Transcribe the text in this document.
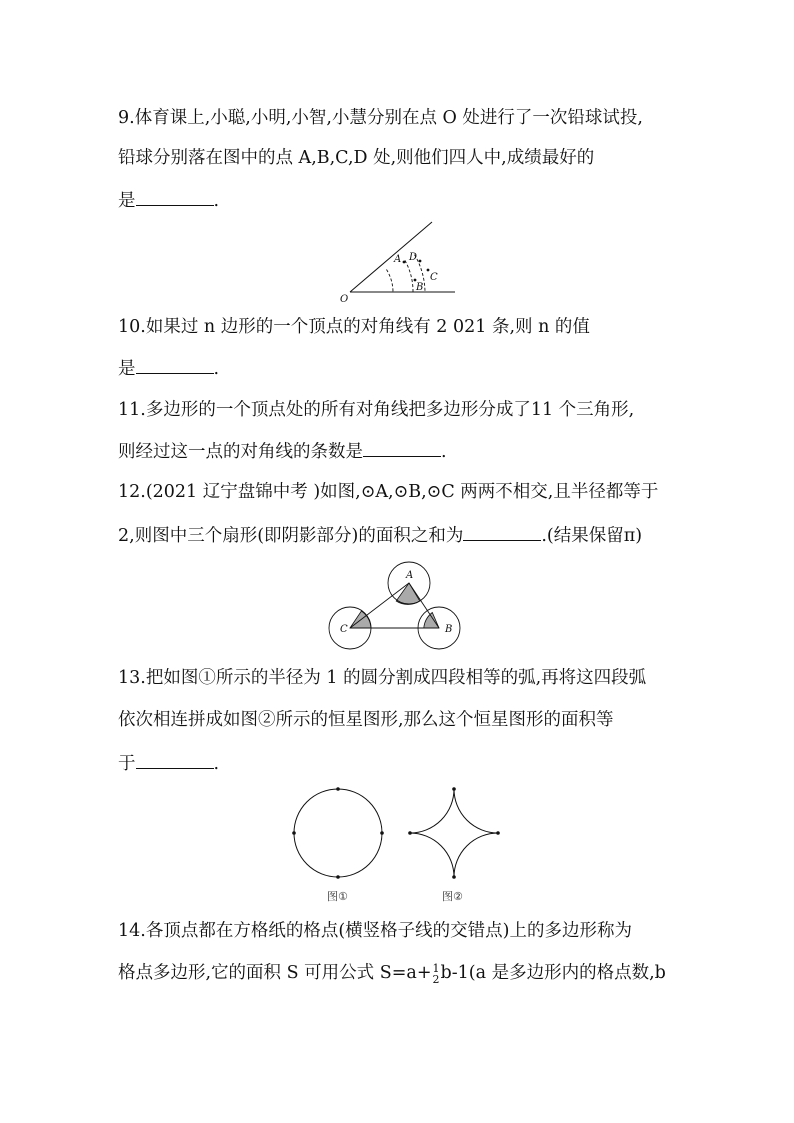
9.体育课上,小聪,小明,小智,小慧分别在点 O 处进行了一次铅球试投,
铅球分别落在图中的点 A,B,C,D 处,则他们四人中,成绩最好的
是	.
O
A D
C
B
10.如果过 n 边形的一个顶点的对角线有 2 021 条,则 n 的值
是	.
11.多边形的一个顶点处的所有对角线把多边形分成了11 个三角形,
则经过这一点的对角线的条数是	.
12.(2021 辽宁盘锦中考 )如图,⊙A,⊙B,⊙C 两两不相交,且半径都等于
2,则图中三个扇形(即阴影部分)的面积之和为	.(结果保留π)
A
B
C
13.把如图①所示的半径为 1 的圆分割成四段相等的弧,再将这四段弧
依次相连拼成如图②所示的恒星图形,那么这个恒星图形的面积等
于	.
图①	图②
14.各顶点都在方格纸的格点(横竖格子线的交错点)上的多边形称为
格点多边形,它的面积 S 可用公式 S=a+ 1
2 b-1(a 是多边形内的格点数,b
